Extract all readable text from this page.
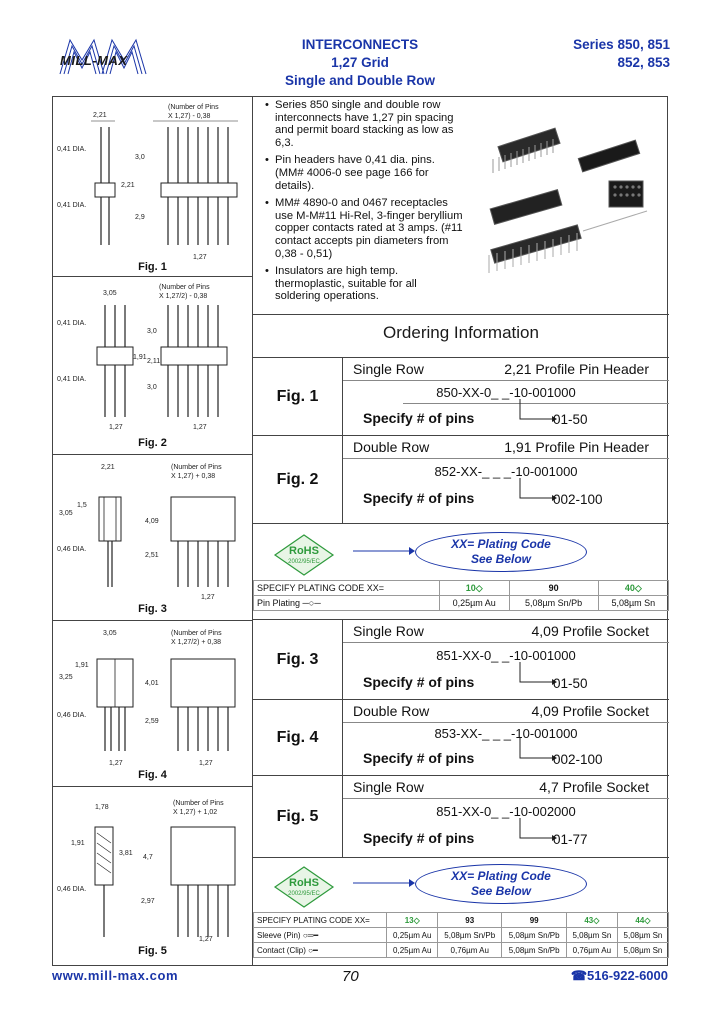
MILL-MAX
INTERCONNECTS
1,27 Grid
Single and Double Row
Series 850, 851
852, 853
2,21
(Number of Pins
X 1,27) - 0,38
0,41 DIA.
3,0
2,21
0,41 DIA.
2,9
1,27
Fig. 1
3,05
(Number of Pins
X 1,27/2) - 0,38
0,41 DIA.
3,0
1,91
2,11
0,41 DIA.
3,0
1,27	1,27
Fig. 2
2,21	(Number of Pins
X 1,27) + 0,38
1,5
3,05
4,09
0,46 DIA.
2,51
1,27
Fig. 3
3,05	(Number of Pins
X 1,27/2) + 0,38
1,91
3,25
4,01
0,46 DIA.
2,59
1,27	1,27
Fig. 4
1,78
(Number of Pins
X 1,27) + 1,02
1,91
3,81
4,7
0,46 DIA.
2,97
1,27
Fig. 5
• Series 850 single and double row interconnects have 1,27 pin spacing and permit board stacking as low as 6,3.
• Pin headers have 0,41 dia. pins. (MM# 4006-0 see page 166 for details).
• MM# 4890-0 and 0467 receptacles use M-M#11 Hi-Rel, 3-finger beryllium copper contacts rated at 3 amps. (#11 contact accepts pin diameters from 0,38 - 0,51)
• Insulators are high temp. thermoplastic, suitable for all soldering operations.
Ordering Information
Fig. 1
Single Row	2,21 Profile Pin Header
850-XX-0_ _-10-001000
Specify # of pins	01-50
Fig. 2
Double Row	1,91 Profile Pin Header
852-XX-_ _ _-10-001000
Specify # of pins	002-100
RoHS
2002/95/EC
XX= Plating Code
See Below
SPECIFY PLATING CODE XX=	10◇	90	40◇
Pin Plating ─○─	0,25µm Au	5,08µm Sn/Pb	5,08µm Sn
Fig. 3
Single Row	4,09 Profile Socket
851-XX-0_ _-10-001000
Specify # of pins	01-50
Fig. 4
Double Row	4,09 Profile Socket
853-XX-_ _ _-10-001000
Specify # of pins	002-100
Fig. 5
Single Row	4,7 Profile Socket
851-XX-0_ _-10-002000
Specify # of pins	01-77
RoHS
2002/95/EC
XX= Plating Code
See Below
SPECIFY PLATING CODE XX=	13◇	93	99	43◇	44◇
Sleeve (Pin) ○═━	0,25µm Au	5,08µm Sn/Pb	5,08µm Sn/Pb	5,08µm Sn	5,08µm Sn
Contact (Clip) ○━	0,25µm Au	0,76µm Au	5,08µm Sn/Pb	0,76µm Au	5,08µm Sn
www.mill-max.com	70	☎516-922-6000
